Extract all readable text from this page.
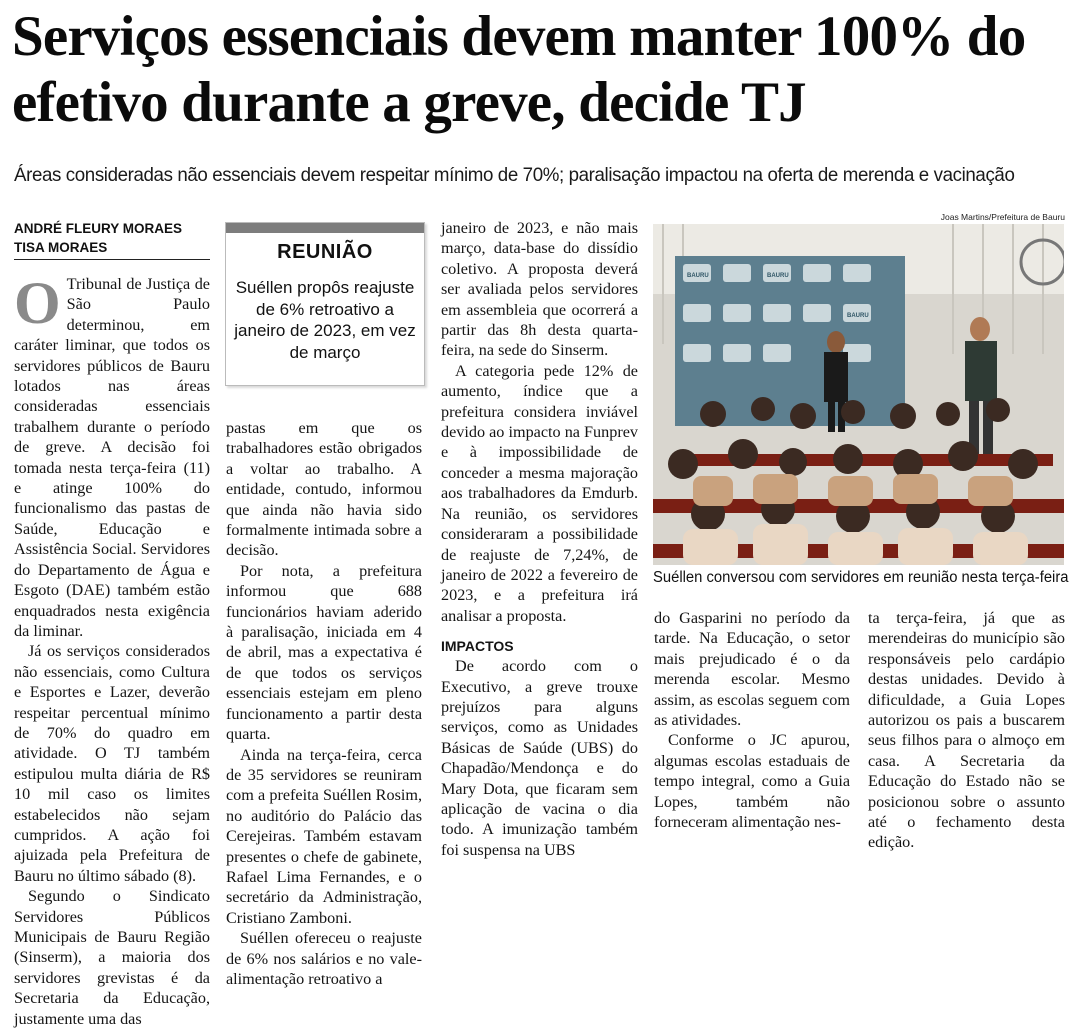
Serviços essenciais devem manter 100% do efetivo durante a greve, decide TJ

Áreas consideradas não essenciais devem respeitar mínimo de 70%; paralisação impactou na oferta de merenda e vacinação

ANDRÉ FLEURY MORAES
TISA MORAES
O Tribunal de Justiça de São Paulo determinou, em caráter liminar, que todos os servidores públicos de Bauru lotados nas áreas consideradas essenciais trabalhem durante o período de greve. A decisão foi tomada nesta terça-feira (11) e atinge 100% do funcionalismo das pastas de Saúde, Educação e Assistência Social. Servidores do Departamento de Água e Esgoto (DAE) também estão enquadrados nesta exigência da liminar.

Já os serviços considerados não essenciais, como Cultura e Esportes e Lazer, deverão respeitar percentual mínimo de 70% do quadro em atividade. O TJ também estipulou multa diária de R$ 10 mil caso os limites estabelecidos não sejam cumpridos. A ação foi ajuizada pela Prefeitura de Bauru no último sábado (8).

Segundo o Sindicato Servidores Públicos Municipais de Bauru Região (Sinserm), a maioria dos servidores grevistas é da Secretaria da Educação, justamente uma das

REUNIÃO
Suéllen propôs reajuste de 6% retroativo a janeiro de 2023, em vez de março

pastas em que os trabalhadores estão obrigados a voltar ao trabalho. A entidade, contudo, informou que ainda não havia sido formalmente intimada sobre a decisão.

Por nota, a prefeitura informou que 688 funcionários haviam aderido à paralisação, iniciada em 4 de abril, mas a expectativa é de que todos os serviços essenciais estejam em pleno funcionamento a partir desta quarta.

Ainda na terça-feira, cerca de 35 servidores se reuniram com a prefeita Suéllen Rosim, no auditório do Palácio das Cerejeiras. Também estavam presentes o chefe de gabinete, Rafael Lima Fernandes, e o secretário da Administração, Cristiano Zamboni.

Suéllen ofereceu o reajuste de 6% nos salários e no vale-alimentação retroativo a

janeiro de 2023, e não mais março, data-base do dissídio coletivo. A proposta deverá ser avaliada pelos servidores em assembleia que ocorrerá a partir das 8h desta quarta-feira, na sede do Sinserm.

A categoria pede 12% de aumento, índice que a prefeitura considera inviável devido ao impacto na Funprev e à impossibilidade de conceder a mesma majoração aos trabalhadores da Emdurb. Na reunião, os servidores consideraram a possibilidade de reajuste de 7,24%, de janeiro de 2022 a fevereiro de 2023, e a prefeitura irá analisar a proposta.

IMPACTOS

De acordo com o Executivo, a greve trouxe prejuízos para alguns serviços, como as Unidades Básicas de Saúde (UBS) do Chapadão/Mendonça e do Mary Dota, que ficaram sem aplicação de vacina o dia todo. A imunização também foi suspensa na UBS

Joas Martins/Prefeitura de Bauru
BAURU	BAURU
BAURU
Suéllen conversou com servidores em reunião nesta terça-feira

do Gasparini no período da tarde. Na Educação, o setor mais prejudicado é o da merenda escolar. Mesmo assim, as escolas seguem com as atividades.

Conforme o JC apurou, algumas escolas estaduais de tempo integral, como a Guia Lopes, também não forneceram alimentação nes-

ta terça-feira, já que as merendeiras do município são responsáveis pelo cardápio destas unidades. Devido à dificuldade, a Guia Lopes autorizou os pais a buscarem seus filhos para o almoço em casa. A Secretaria da Educação do Estado não se posicionou sobre o assunto até o fechamento desta edição.
